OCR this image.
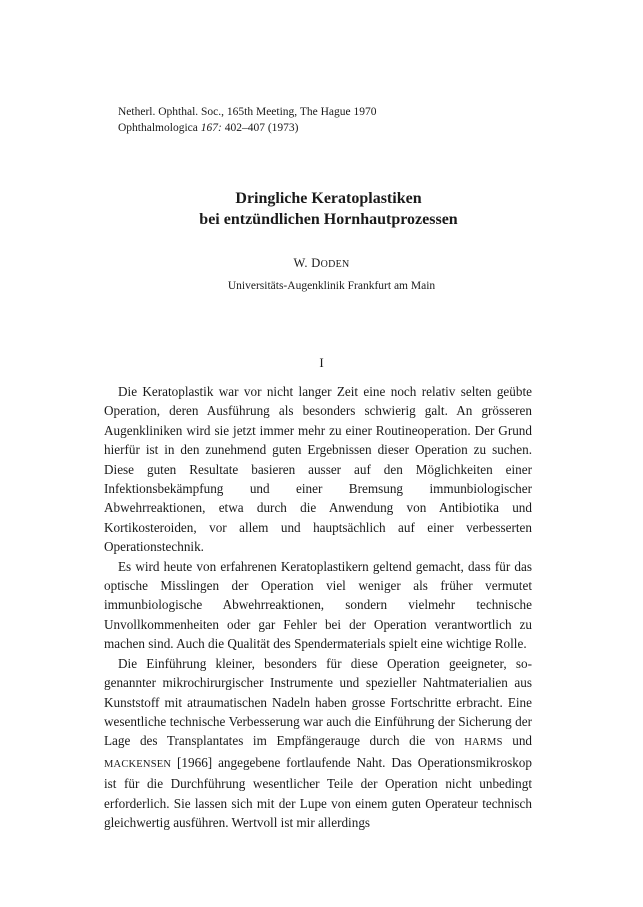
Netherl. Ophthal. Soc., 165th Meeting, The Hague 1970
Ophthalmologica 167: 402–407 (1973)
Dringliche Keratoplastiken
bei entzündlichen Hornhautprozessen
W. DODEN
Universitäts-Augenklinik Frankfurt am Main
I

Die Keratoplastik war vor nicht langer Zeit eine noch relativ selten geübte Operation, deren Ausführung als besonders schwierig galt. An grösseren Augenkliniken wird sie jetzt immer mehr zu einer Routineoperation. Der Grund hierfür ist in den zunehmend guten Ergebnissen dieser Operation zu suchen. Diese guten Resultate basieren ausser auf den Möglichkeiten einer Infektionsbekämpfung und einer Bremsung immunbiologischer Abwehrreaktionen, etwa durch die Anwendung von Antibiotika und Kortikosteroiden, vor allem und hauptsächlich auf einer verbesserten Operationstechnik.

Es wird heute von erfahrenen Keratoplastikern geltend gemacht, dass für das optische Misslingen der Operation viel weniger als früher vermutet immunbiologische Abwehrreaktionen, sondern vielmehr technische Unvollkommenheiten oder gar Fehler bei der Operation verantwortlich zu machen sind. Auch die Qualität des Spendermaterials spielt eine wichtige Rolle.

Die Einführung kleiner, besonders für diese Operation geeigneter, sogenannter mikrochirurgischer Instrumente und spezieller Nahtmaterialien aus Kunststoff mit atraumatischen Nadeln haben grosse Fortschritte erbracht. Eine wesentliche technische Verbesserung war auch die Einführung der Sicherung der Lage des Transplantates im Empfängerauge durch die von HARMS und MACKENSEN [1966] angegebene fortlaufende Naht. Das Operationsmikroskop ist für die Durchführung wesentlicher Teile der Operation nicht unbedingt erforderlich. Sie lassen sich mit der Lupe von einem guten Operateur technisch gleichwertig ausführen. Wertvoll ist mir allerdings
